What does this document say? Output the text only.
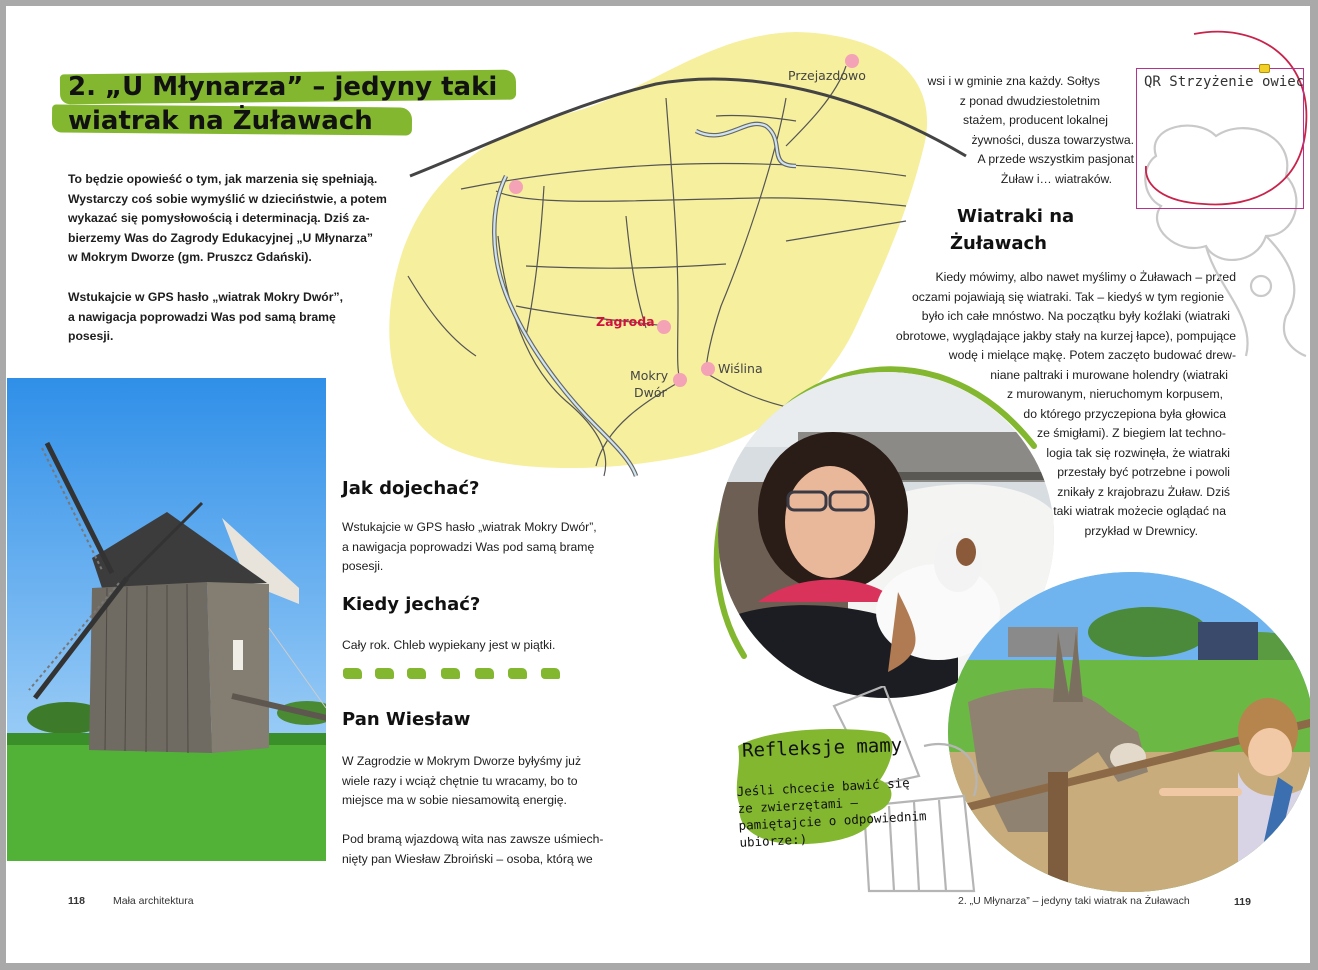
Przejazdowo
Zagroda
Mokry
Dwór
Wiślina
2. „U Młynarza” – jedyny taki
wiatrak na Żuławach
To będzie opowieść o tym, jak marzenia się spełniają.
Wystarczy coś sobie wymyślić w dzieciństwie, a potem
wykazać się pomysłowością i determinacją. Dziś za-
bierzemy Was do Zagrody Edukacyjnej „U Młynarza”
w Mokrym Dworze (gm. Pruszcz Gdański).
Wstukajcie w GPS hasło „wiatrak Mokry Dwór”,
a nawigacja poprowadzi Was pod samą bramę
posesji.
Jak dojechać?
Wstukajcie w GPS hasło „wiatrak Mokry Dwór”,
a nawigacja poprowadzi Was pod samą bramę
posesji.
Kiedy jechać?
Cały rok. Chleb wypiekany jest w piątki.
Pan Wiesław
W Zagrodzie w Mokrym Dworze byłyśmy już
wiele razy i wciąż chętnie tu wracamy, bo to
miejsce ma w sobie niesamowitą energię.
Pod bramą wjazdową wita nas zawsze uśmiech-
nięty pan Wiesław Zbroiński – osoba, którą we
118	Mała architektura
wsi i w gminie zna każdy. Sołtys
z ponad dwudziestoletnim
stażem, producent lokalnej
żywności, dusza towarzystwa.
A przede wszystkim pasjonat
Żuław i… wiatraków.
Wiatraki na
Żuławach
Kiedy mówimy, albo nawet myślimy o Żuławach – przed
oczami pojawiają się wiatraki. Tak – kiedyś w tym regionie
było ich całe mnóstwo. Na początku były koźlaki (wiatraki
obrotowe, wyglądające jakby stały na kurzej łapce), pompujące
wodę i mielące mąkę. Potem zaczęto budować drew-
niane paltraki i murowane holendry (wiatraki
z murowanym, nieruchomym korpusem,
do którego przyczepiona była głowica
ze śmigłami). Z biegiem lat techno-
logia tak się rozwinęła, że wiatraki
przestały być potrzebne i powoli
znikały z krajobrazu Żuław. Dziś
taki wiatrak możecie oglądać na
przykład w Drewnicy.
Refleksje mamy
Jeśli chcecie bawić się ze zwierzętami – pamiętajcie o odpowiednim ubiorze:)
QR Strzyżenie owiec
2. „U Młynarza” – jedyny taki wiatrak na Żuławach	119
